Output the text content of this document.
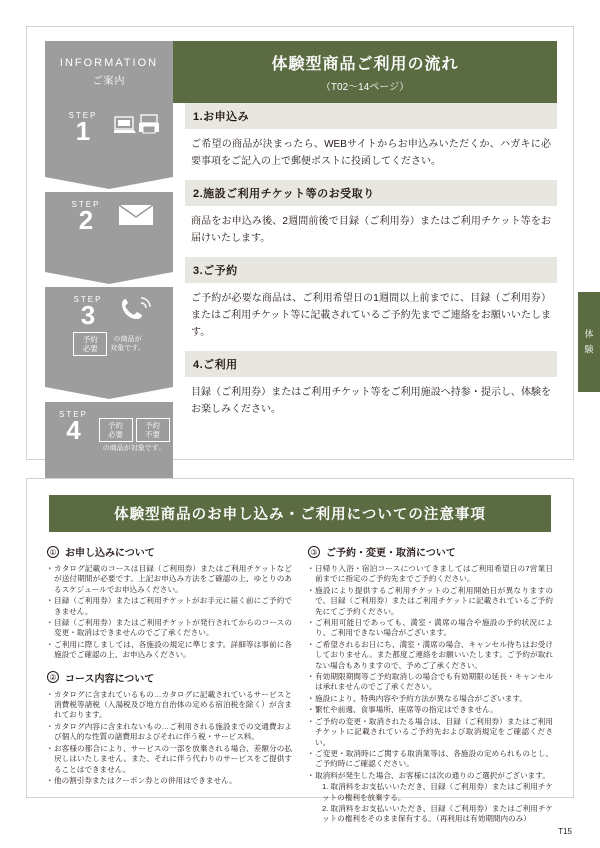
体 験
INFORMATION
ご案内
体験型商品ご利用の流れ
（T02〜14ページ）
STEP
1
STEP
2
STEP
3
予約
必要
の商品が
対象です。
STEP
4	予約
必要
予約
不要
の商品が対象です。
1.お申込み
ご希望の商品が決まったら、WEBサイトからお申込みいただくか、ハガキに必要事項をご記入の上で郵便ポストに投函してください。
2.施設ご利用チケット等のお受取り
商品をお申込み後、2週間前後で目録（ご利用券）またはご利用チケット等をお届けいたします。
3.ご予約
ご予約が必要な商品は、ご利用希望日の1週間以上前までに、目録（ご利用券）またはご利用チケット等に記載されているご予約先までご連絡をお願いいたします。
4.ご利用
目録（ご利用券）またはご利用チケット等をご利用施設へ持参・提示し、体験をお楽しみください。
体験型商品のお申し込み・ご利用についての注意事項
① お申し込みについて
・ カタログ記載のコースは目録（ご利用券）またはご利用チケットなどが送付期間が必要です。上記お申込み方法をご確認の上、ゆとりのあるスケジュールでお申込みください。
・ 目録（ご利用券）またはご利用チケットがお手元に届く前にご予約できません。
・ 目録（ご利用券）またはご利用チケットが発行されてからのコースの変更・取消はできませんのでご了承ください。
・ ご利用に際しましては、各施設の規定に準じます。詳細等は事前に各施設でご確認の上、お申込みください。
② コース内容について
・ カタログに含まれているもの…カタログに記載されているサービスと消費税等諸税（入湯税及び地方自治体の定める宿泊税を除く）が含まれております。
・ カタログ内容に含まれないもの…ご利用される施設までの交通費および個人的な性質の諸費用およびそれに伴う税・サービス料。
・ お客様の都合により、サービスの一部を放棄される場合、差額分の払戻しはいたしません。また、それに伴う代わりのサービスをご提供することはできません。
・ 他の割引券またはクーポン券との併用はできません。
③ ご予約・変更・取消について
・ 日帰り入浴・宿泊コースについてきましてはご利用希望日の7営業日前までに指定のご予約先までご予約ください。
・ 施設により提供するご利用チケットのご利用開始日が異なりますので、目録（ご利用券）またはご利用チケットに記載されているご予約先にてご予約ください。
・ ご利用可能日であっても、満室・満席の場合や施設の予約状況により、ご利用できない場合がございます。
・ ご希望されるお日にち、満室・満席の場合、キャンセル待ちはお受けしておりません。また都度ご連絡をお願いいたします。ご予約が取れない場合もありますので、予めご了承ください。
・ 有効期限期間等ご予約取消しの場合でも有効期限の延長・キャンセルは承れませんのでご了承ください。
・ 施設により、特典内容や予約方法が異なる場合がございます。
・ 繁忙や前週、食事場所、座席等の指定はできません。
・ ご予約の変更・取消されたる場合は、目録（ご利用券）またはご利用チケットに記載されているご予約先および取消規定をご確認ください。
・ ご変更・取消時にご関する取消業等は、各施設の定められものとし、ご予約時にご確認ください。
・ 取消料が発生した場合、お客様には次の通りのご選択がございます。
1. 取消料をお支払いいただき、目録（ご利用券）またはご利用チケットの権利を放棄する。
2. 取消料をお支払いいただき、目録（ご利用券）またはご利用チケットの権利をそのまま保有する。（再利用は有効期間内のみ）
T15
